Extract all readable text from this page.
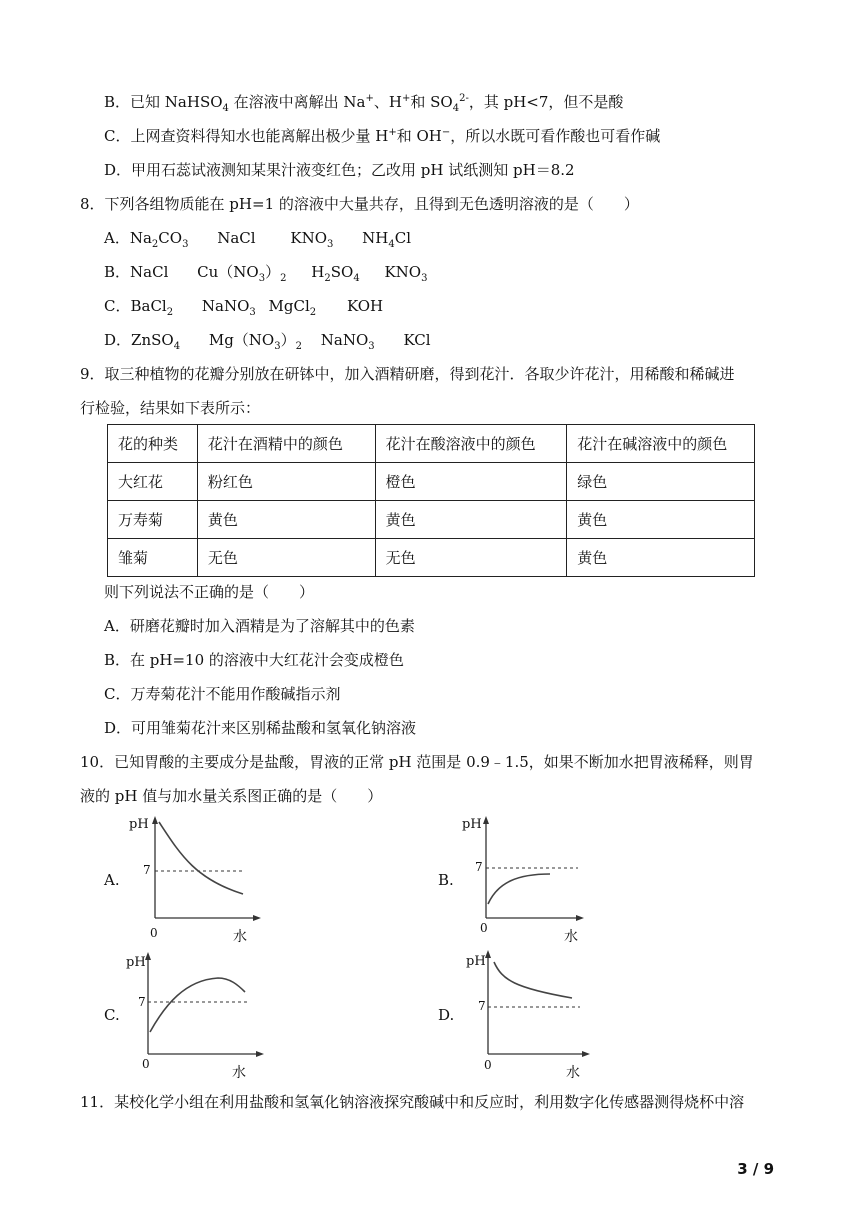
B．已知 NaHSO$_4$ 在溶液中离解出 Na+、H+和 $SO_4^{2-}$，其 pH<7，但不是酸
C．上网查资料得知水也能离解出极少量 H+和 OH−，所以水既可看作酸也可看作碱
D．甲用石蕊试液测知某果汁液变红色；乙改用 pH 试纸测知 pH＝8.2
8．下列各组物质能在 pH=1 的溶液中大量共存，且得到无色透明溶液的是（　　）
A．$Na_2CO_3$ NaCl $KNO_3$ $NH_4Cl$
B．NaCl $Cu(NO_3)_2$ $H_2SO_4$ $KNO_3$
C．BaCl$_2$ NaNO$_3$ MgCl$_2$ KOH
D．ZnSO$_4$ $Mg(NO_3)_2$ NaNO$_3$ KCl
9．取三种植物的花瓣分别放在研钵中，加入酒精研磨，得到花汁．各取少许花汁，用稀酸和稀碱进
行检验，结果如下表所示：
花的种类	花汁在酒精中的颜色	花汁在酸溶液中的颜色	花汁在碱溶液中的颜色
大红花	粉红色	橙色	绿色
万寿菊	黄色	黄色	黄色
雏菊	无色	无色	黄色
则下列说法不正确的是（　　）
A．研磨花瓣时加入酒精是为了溶解其中的色素
B．在 pH=10 的溶液中大红花汁会变成橙色
C．万寿菊花汁不能用作酸碱指示剂
D．可用雏菊花汁来区别稀盐酸和氢氧化钠溶液
10．已知胃酸的主要成分是盐酸，胃液的正常 pH 范围是 0.9﹣1.5，如果不断加水把胃液稀释，则胃
液的 pH 值与加水量关系图正确的是（　　）
A.
pH
7
0	水
B.
pH
7
0
水
C.
pH
7
0
水
D.
pH
7
0	水
11．某校化学小组在利用盐酸和氢氧化钠溶液探究酸碱中和反应时，利用数字化传感器测得烧杯中溶
3 / 9
